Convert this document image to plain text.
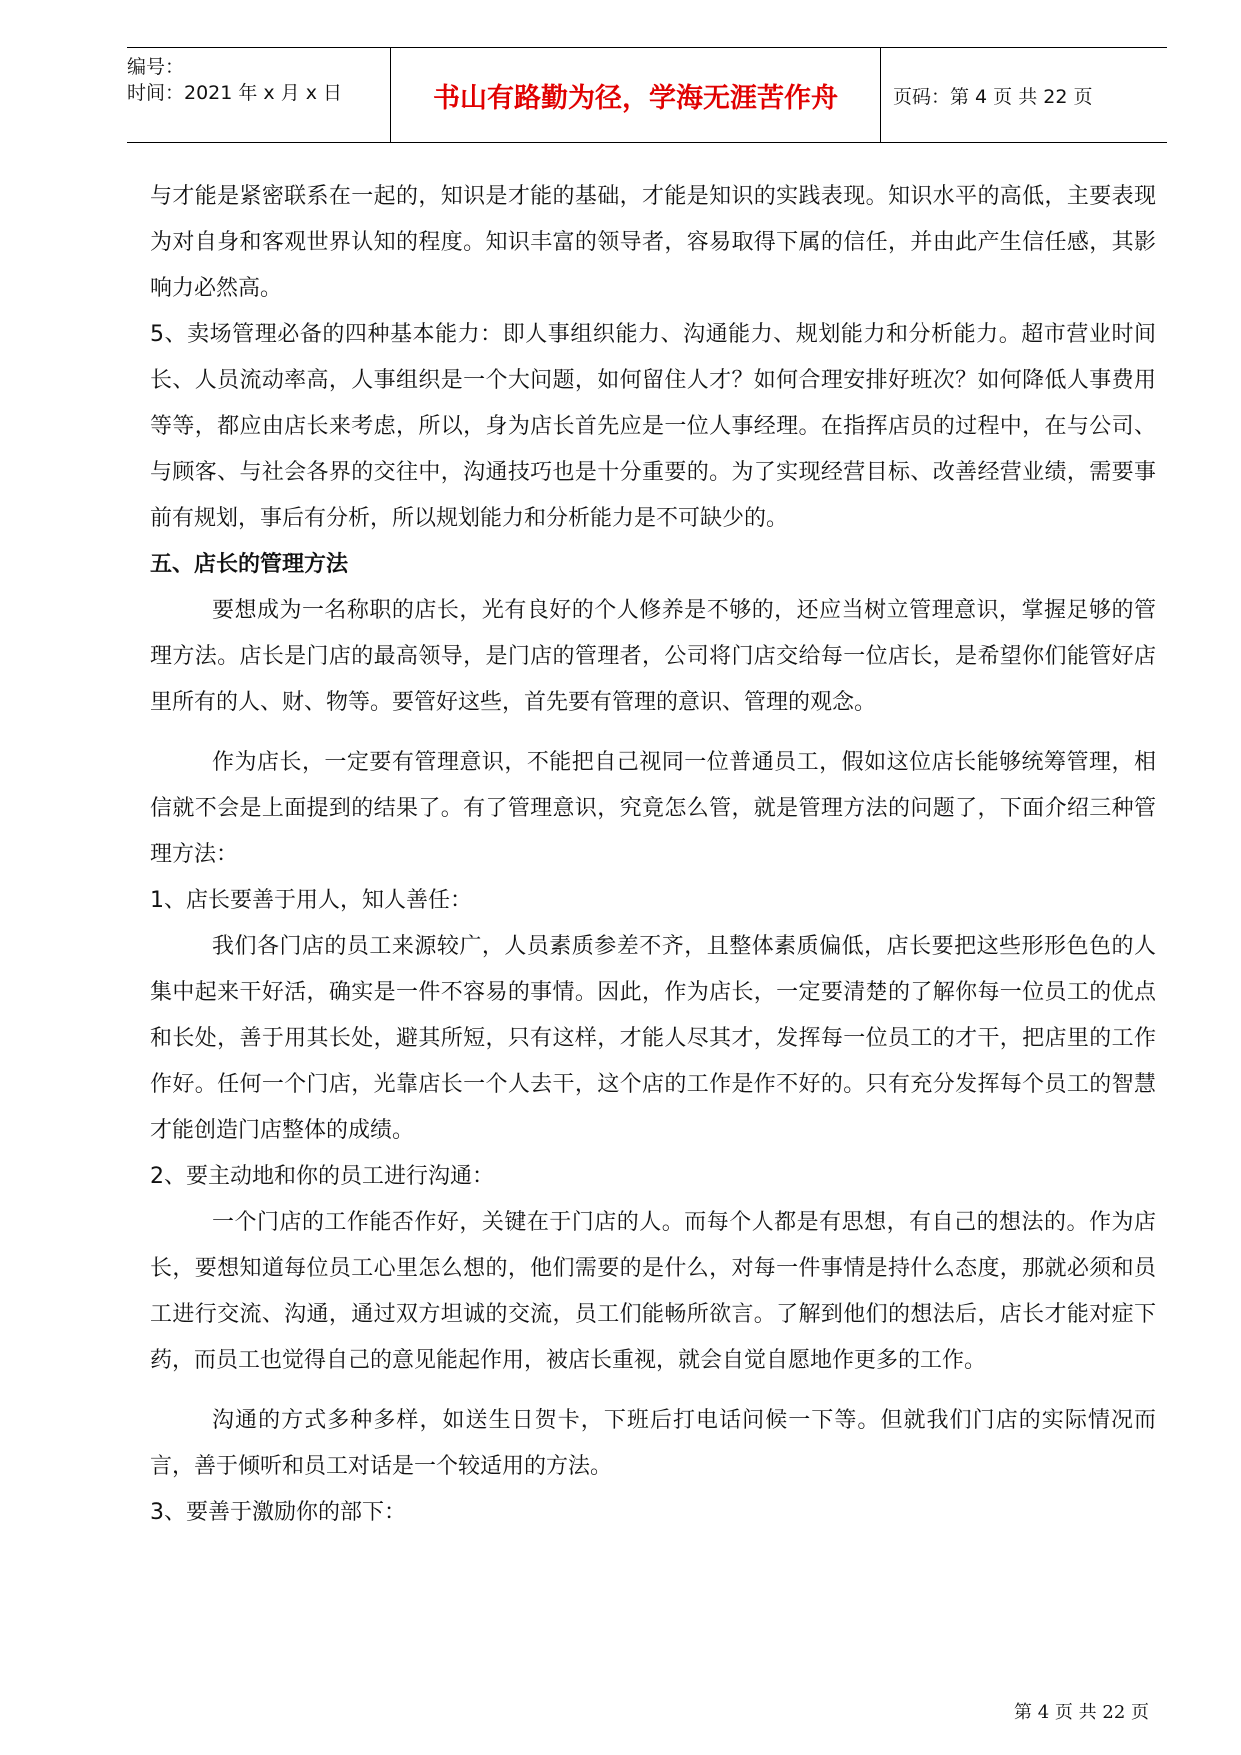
编号：
时间：2021 年 x 月 x 日	书山有路勤为径，学海无涯苦作舟	页码：第 4 页 共 22 页

与才能是紧密联系在一起的，知识是才能的基础，才能是知识的实践表现。知识水平的高低，主要表现为对自身和客观世界认知的程度。知识丰富的领导者，容易取得下属的信任，并由此产生信任感，其影响力必然高。

5、卖场管理必备的四种基本能力：即人事组织能力、沟通能力、规划能力和分析能力。超市营业时间长、人员流动率高，人事组织是一个大问题，如何留住人才？如何合理安排好班次？如何降低人事费用等等，都应由店长来考虑，所以，身为店长首先应是一位人事经理。在指挥店员的过程中，在与公司、与顾客、与社会各界的交往中，沟通技巧也是十分重要的。为了实现经营目标、改善经营业绩，需要事前有规划，事后有分析，所以规划能力和分析能力是不可缺少的。

五、店长的管理方法

要想成为一名称职的店长，光有良好的个人修养是不够的，还应当树立管理意识，掌握足够的管理方法。店长是门店的最高领导，是门店的管理者，公司将门店交给每一位店长，是希望你们能管好店里所有的人、财、物等。要管好这些，首先要有管理的意识、管理的观念。

作为店长，一定要有管理意识，不能把自己视同一位普通员工，假如这位店长能够统筹管理，相信就不会是上面提到的结果了。有了管理意识，究竟怎么管，就是管理方法的问题了，下面介绍三种管理方法：

1、店长要善于用人，知人善任：

我们各门店的员工来源较广，人员素质参差不齐，且整体素质偏低，店长要把这些形形色色的人集中起来干好活，确实是一件不容易的事情。因此，作为店长，一定要清楚的了解你每一位员工的优点和长处，善于用其长处，避其所短，只有这样，才能人尽其才，发挥每一位员工的才干，把店里的工作作好。任何一个门店，光靠店长一个人去干，这个店的工作是作不好的。只有充分发挥每个员工的智慧才能创造门店整体的成绩。

2、要主动地和你的员工进行沟通：

一个门店的工作能否作好，关键在于门店的人。而每个人都是有思想，有自己的想法的。作为店长，要想知道每位员工心里怎么想的，他们需要的是什么，对每一件事情是持什么态度，那就必须和员工进行交流、沟通，通过双方坦诚的交流，员工们能畅所欲言。了解到他们的想法后，店长才能对症下药，而员工也觉得自己的意见能起作用，被店长重视，就会自觉自愿地作更多的工作。

沟通的方式多种多样，如送生日贺卡，下班后打电话问候一下等。但就我们门店的实际情况而言，善于倾听和员工对话是一个较适用的方法。

3、要善于激励你的部下：

第 4 页 共 22 页
